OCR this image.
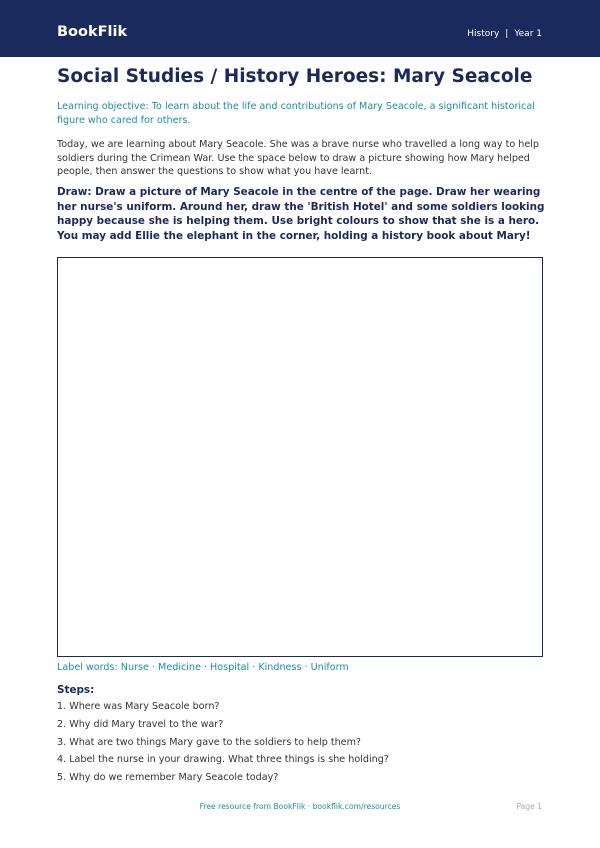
BookFlik	History | Year 1
Social Studies / History Heroes: Mary Seacole
Learning objective: To learn about the life and contributions of Mary Seacole, a significant historical figure who cared for others.
Today, we are learning about Mary Seacole. She was a brave nurse who travelled a long way to help soldiers during the Crimean War. Use the space below to draw a picture showing how Mary helped people, then answer the questions to show what you have learnt.
Draw: Draw a picture of Mary Seacole in the centre of the page. Draw her wearing her nurse's uniform. Around her, draw the 'British Hotel' and some soldiers looking happy because she is helping them. Use bright colours to show that she is a hero. You may add Ellie the elephant in the corner, holding a history book about Mary!
Label words: Nurse · Medicine · Hospital · Kindness · Uniform
Steps:
1. Where was Mary Seacole born?
2. Why did Mary travel to the war?
3. What are two things Mary gave to the soldiers to help them?
4. Label the nurse in your drawing. What three things is she holding?
5. Why do we remember Mary Seacole today?
Free resource from BookFlik · bookflik.com/resources	Page 1
